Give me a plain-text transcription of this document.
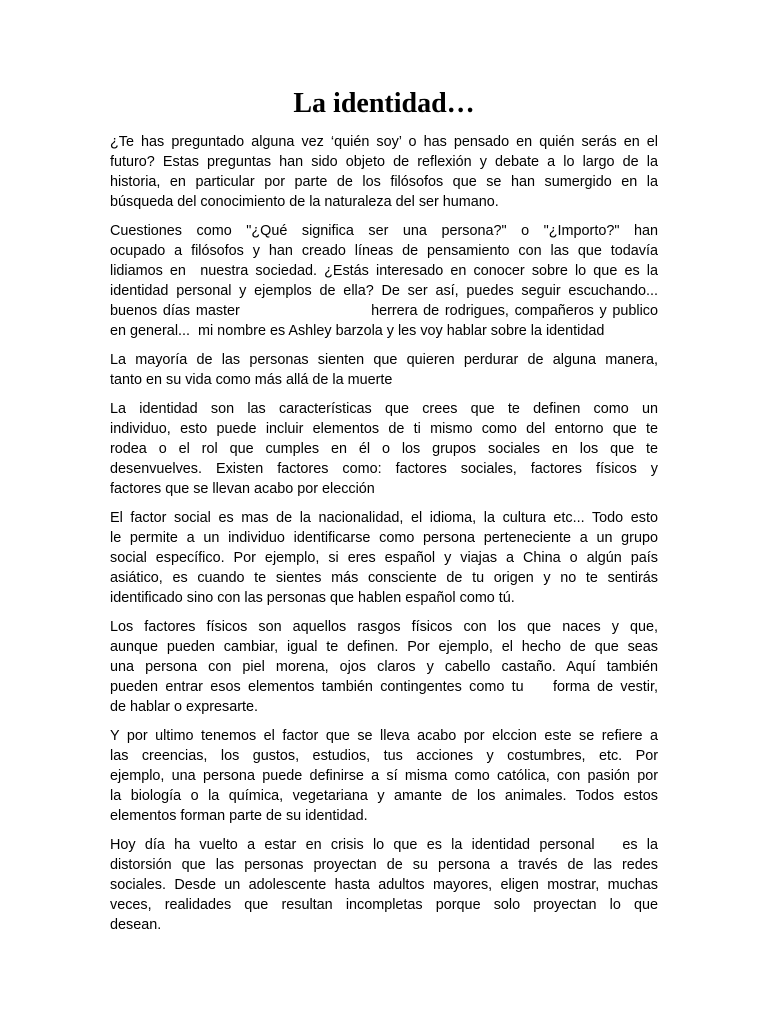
La identidad…

¿Te has preguntado alguna vez ‘quién soy’ o has pensado en quién serás en el
futuro? Estas preguntas han sido objeto de reflexión y debate a lo largo de la
historia, en particular por parte de los filósofos que se han sumergido en la
búsqueda del conocimiento de la naturaleza del ser humano.

Cuestiones como "¿Qué significa ser una persona?" o "¿Importo?" han
ocupado a filósofos y han creado líneas de pensamiento con las que todavía
lidiamos en  nuestra sociedad. ¿Estás interesado en conocer sobre lo que es la
identidad personal y ejemplos de ella? De ser así, puedes seguir escuchando...
buenos días master                       herrera de rodrigues, compañeros y publico
en general...  mi nombre es Ashley barzola y les voy hablar sobre la identidad

La mayoría de las personas sienten que quieren perdurar de alguna manera,
tanto en su vida como más allá de la muerte

La identidad son las características que crees que te definen como un
individuo, esto puede incluir elementos de ti mismo como del entorno que te
rodea o el rol que cumples en él o los grupos sociales en los que te
desenvuelves. Existen factores como: factores sociales, factores físicos y
factores que se llevan acabo por elección

El factor social es mas de la nacionalidad, el idioma, la cultura etc... Todo esto
le permite a un individuo identificarse como persona perteneciente a un grupo
social específico. Por ejemplo, si eres español y viajas a China o algún país
asiático, es cuando te sientes más consciente de tu origen y no te sentirás
identificado sino con las personas que hablen español como tú.

Los factores físicos son aquellos rasgos físicos con los que naces y que,
aunque pueden cambiar, igual te definen. Por ejemplo, el hecho de que seas
una persona con piel morena, ojos claros y cabello castaño. Aquí también
pueden entrar esos elementos también contingentes como tu    forma de vestir,
de hablar o expresarte.

Y por ultimo tenemos el factor que se lleva acabo por elccion este se refiere a
las creencias, los gustos, estudios, tus acciones y costumbres, etc. Por
ejemplo, una persona puede definirse a sí misma como católica, con pasión por
la biología o la química, vegetariana y amante de los animales. Todos estos
elementos forman parte de su identidad.

Hoy día ha vuelto a estar en crisis lo que es la identidad personal   es la
distorsión que las personas proyectan de su persona a través de las redes
sociales. Desde un adolescente hasta adultos mayores, eligen mostrar, muchas
veces, realidades que resultan incompletas porque solo proyectan lo que
desean.
